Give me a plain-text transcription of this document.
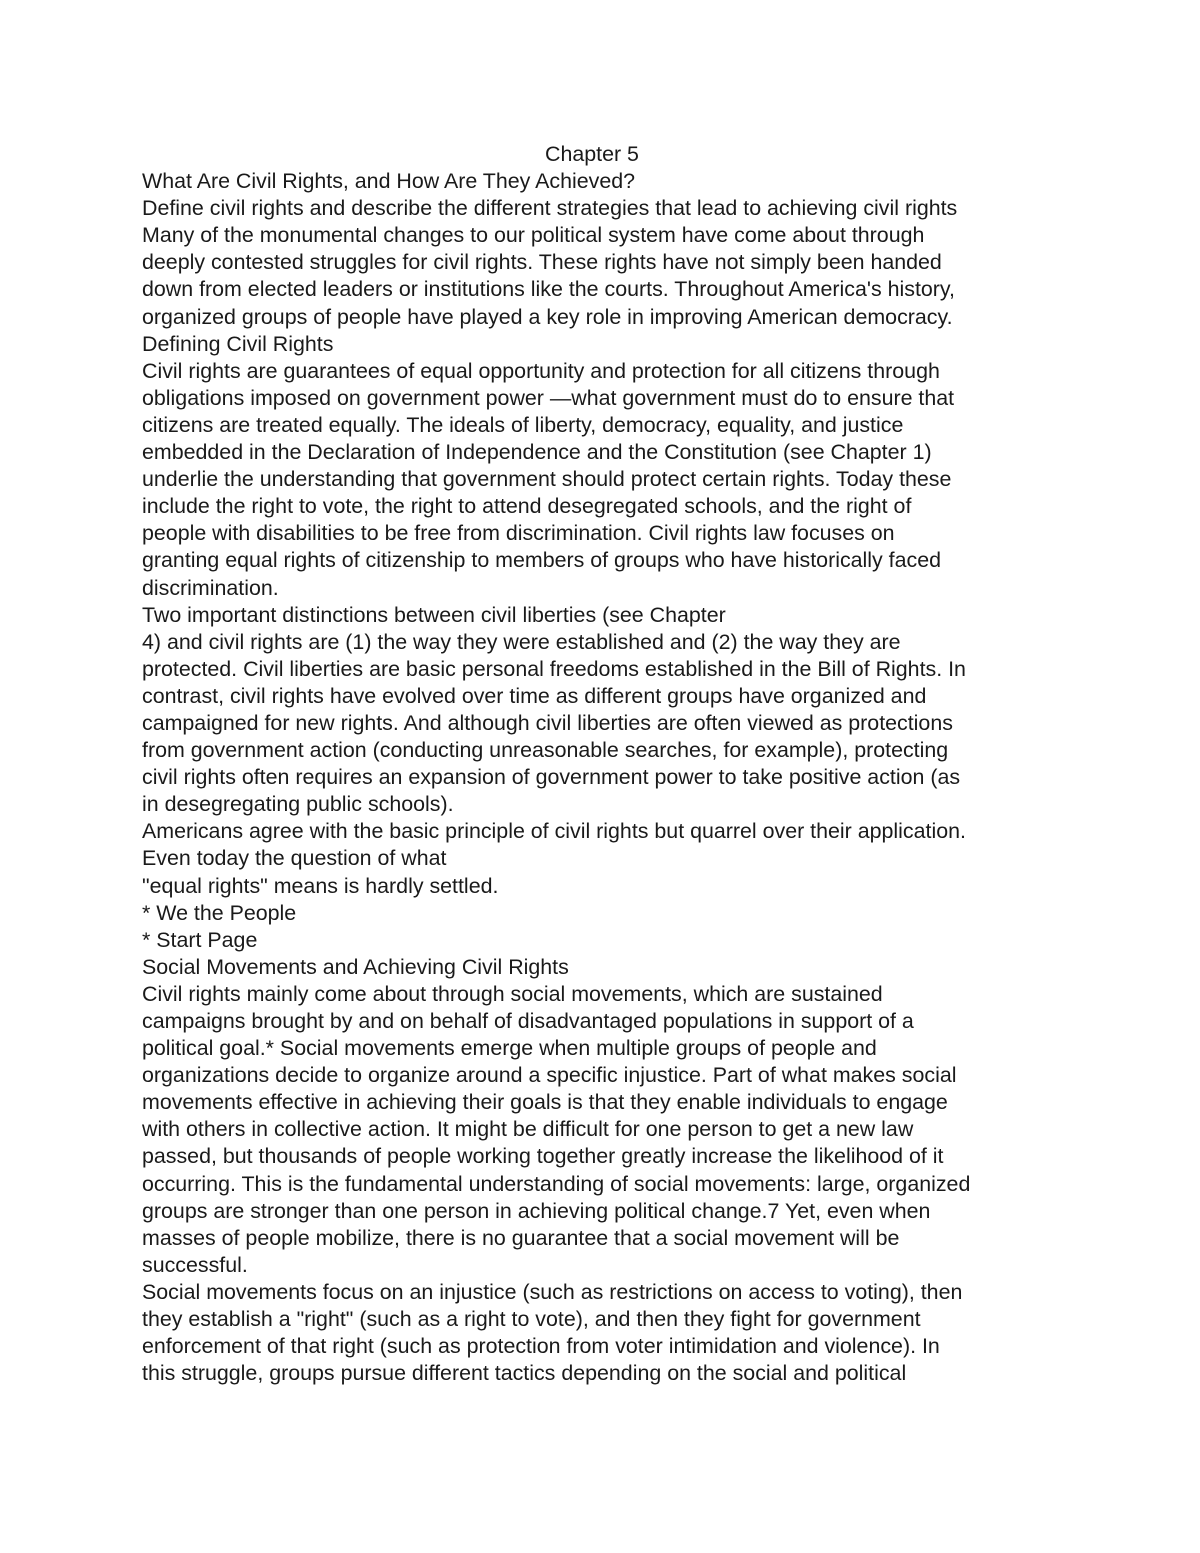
Chapter 5
What Are Civil Rights, and How Are They Achieved?
Define civil rights and describe the different strategies that lead to achieving civil rights
Many of the monumental changes to our political system have come about through
deeply contested struggles for civil rights. These rights have not simply been handed
down from elected leaders or institutions like the courts. Throughout America's history,
organized groups of people have played a key role in improving American democracy.
Defining Civil Rights
Civil rights are guarantees of equal opportunity and protection for all citizens through
obligations imposed on government power —what government must do to ensure that
citizens are treated equally. The ideals of liberty, democracy, equality, and justice
embedded in the Declaration of Independence and the Constitution (see Chapter 1)
underlie the understanding that government should protect certain rights. Today these
include the right to vote, the right to attend desegregated schools, and the right of
people with disabilities to be free from discrimination. Civil rights law focuses on
granting equal rights of citizenship to members of groups who have historically faced
discrimination.
Two important distinctions between civil liberties (see Chapter
4) and civil rights are (1) the way they were established and (2) the way they are
protected. Civil liberties are basic personal freedoms established in the Bill of Rights. In
contrast, civil rights have evolved over time as different groups have organized and
campaigned for new rights. And although civil liberties are often viewed as protections
from government action (conducting unreasonable searches, for example), protecting
civil rights often requires an expansion of government power to take positive action (as
in desegregating public schools).
Americans agree with the basic principle of civil rights but quarrel over their application.
Even today the question of what
"equal rights" means is hardly settled.
* We the People
* Start Page
Social Movements and Achieving Civil Rights
Civil rights mainly come about through social movements, which are sustained
campaigns brought by and on behalf of disadvantaged populations in support of a
political goal.* Social movements emerge when multiple groups of people and
organizations decide to organize around a specific injustice. Part of what makes social
movements effective in achieving their goals is that they enable individuals to engage
with others in collective action. It might be difficult for one person to get a new law
passed, but thousands of people working together greatly increase the likelihood of it
occurring. This is the fundamental understanding of social movements: large, organized
groups are stronger than one person in achieving political change.7 Yet, even when
masses of people mobilize, there is no guarantee that a social movement will be
successful.
Social movements focus on an injustice (such as restrictions on access to voting), then
they establish a "right" (such as a right to vote), and then they fight for government
enforcement of that right (such as protection from voter intimidation and violence). In
this struggle, groups pursue different tactics depending on the social and political
